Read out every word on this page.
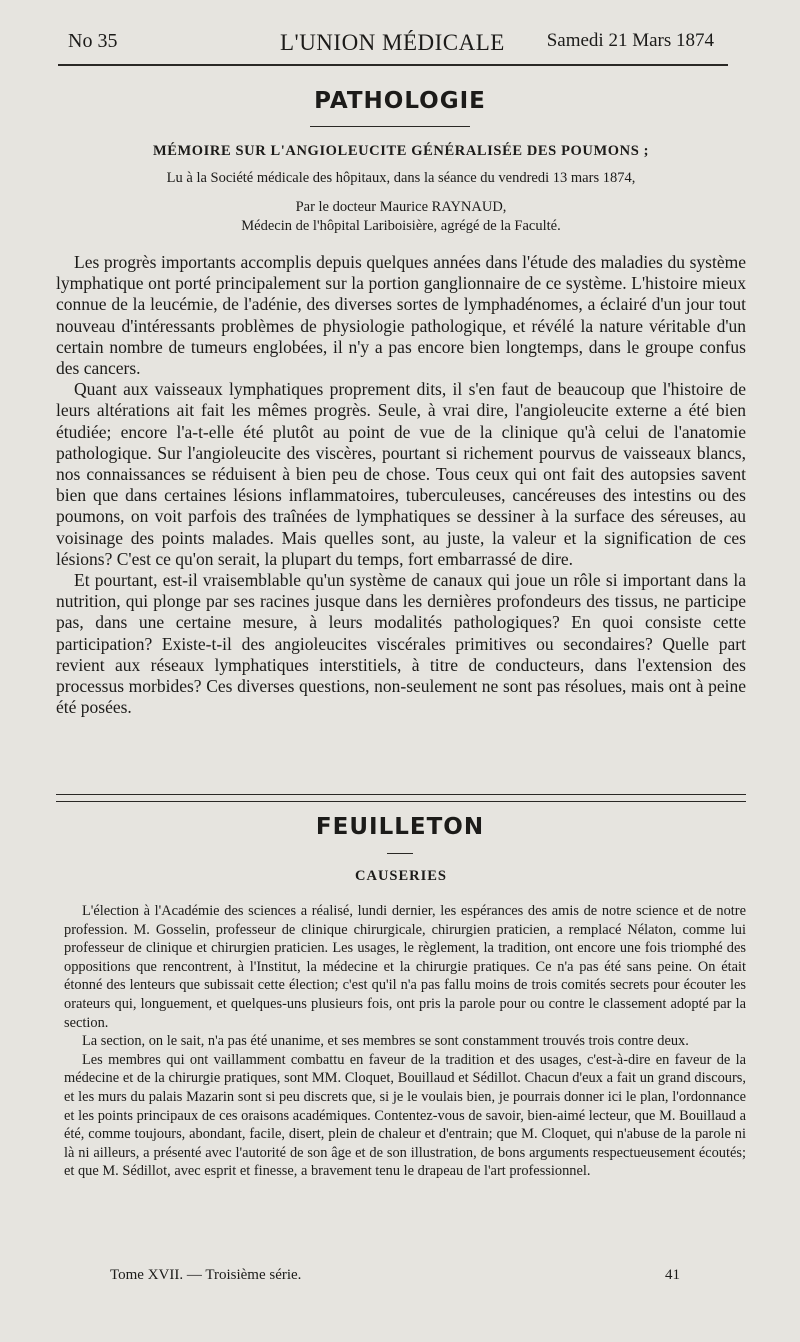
No 35	L'UNION MÉDICALE Samedi 21 Mars 1874
PATHOLOGIE
MÉMOIRE SUR L'ANGIOLEUCITE GÉNÉRALISÉE DES POUMONS ;
Lu à la Société médicale des hôpitaux, dans la séance du vendredi 13 mars 1874,
Par le docteur Maurice RAYNAUD,
Médecin de l'hôpital Lariboisière, agrégé de la Faculté.

Les progrès importants accomplis depuis quelques années dans l'étude des maladies du système lymphatique ont porté principalement sur la portion ganglionnaire de ce système. L'histoire mieux connue de la leucémie, de l'adénie, des diverses sortes de lymphadénomes, a éclairé d'un jour tout nouveau d'intéressants problèmes de physiologie pathologique, et révélé la nature véritable d'un certain nombre de tumeurs englobées, il n'y a pas encore bien longtemps, dans le groupe confus des cancers.

Quant aux vaisseaux lymphatiques proprement dits, il s'en faut de beaucoup que l'histoire de leurs altérations ait fait les mêmes progrès. Seule, à vrai dire, l'angioleucite externe a été bien étudiée; encore l'a-t-elle été plutôt au point de vue de la clinique qu'à celui de l'anatomie pathologique. Sur l'angioleucite des viscères, pourtant si richement pourvus de vaisseaux blancs, nos connaissances se réduisent à bien peu de chose. Tous ceux qui ont fait des autopsies savent bien que dans certaines lésions inflammatoires, tuberculeuses, cancéreuses des intestins ou des poumons, on voit parfois des traînées de lymphatiques se dessiner à la surface des séreuses, au voisinage des points malades. Mais quelles sont, au juste, la valeur et la signification de ces lésions? C'est ce qu'on serait, la plupart du temps, fort embarrassé de dire.

Et pourtant, est-il vraisemblable qu'un système de canaux qui joue un rôle si important dans la nutrition, qui plonge par ses racines jusque dans les dernières profondeurs des tissus, ne participe pas, dans une certaine mesure, à leurs modalités pathologiques? En quoi consiste cette participation? Existe-t-il des angioleucites viscérales primitives ou secondaires? Quelle part revient aux réseaux lymphatiques interstitiels, à titre de conducteurs, dans l'extension des processus morbides? Ces diverses questions, non-seulement ne sont pas résolues, mais ont à peine été posées.

FEUILLETON
CAUSERIES

L'élection à l'Académie des sciences a réalisé, lundi dernier, les espérances des amis de notre science et de notre profession. M. Gosselin, professeur de clinique chirurgicale, chirurgien praticien, a remplacé Nélaton, comme lui professeur de clinique et chirurgien praticien. Les usages, le règlement, la tradition, ont encore une fois triomphé des oppositions que rencontrent, à l'Institut, la médecine et la chirurgie pratiques. Ce n'a pas été sans peine. On était étonné des lenteurs que subissait cette élection; c'est qu'il n'a pas fallu moins de trois comités secrets pour écouter les orateurs qui, longuement, et quelques-uns plusieurs fois, ont pris la parole pour ou contre le classement adopté par la section.

La section, on le sait, n'a pas été unanime, et ses membres se sont constamment trouvés trois contre deux.

Les membres qui ont vaillamment combattu en faveur de la tradition et des usages, c'est-à-dire en faveur de la médecine et de la chirurgie pratiques, sont MM. Cloquet, Bouillaud et Sédillot. Chacun d'eux a fait un grand discours, et les murs du palais Mazarin sont si peu discrets que, si je le voulais bien, je pourrais donner ici le plan, l'ordonnance et les points principaux de ces oraisons académiques. Contentez-vous de savoir, bien-aimé lecteur, que M. Bouillaud a été, comme toujours, abondant, facile, disert, plein de chaleur et d'entrain; que M. Cloquet, qui n'abuse de la parole ni là ni ailleurs, a présenté avec l'autorité de son âge et de son illustration, de bons arguments respectueusement écoutés; et que M. Sédillot, avec esprit et finesse, a bravement tenu le drapeau de l'art professionnel.

Tome XVII. — Troisième série.	41
